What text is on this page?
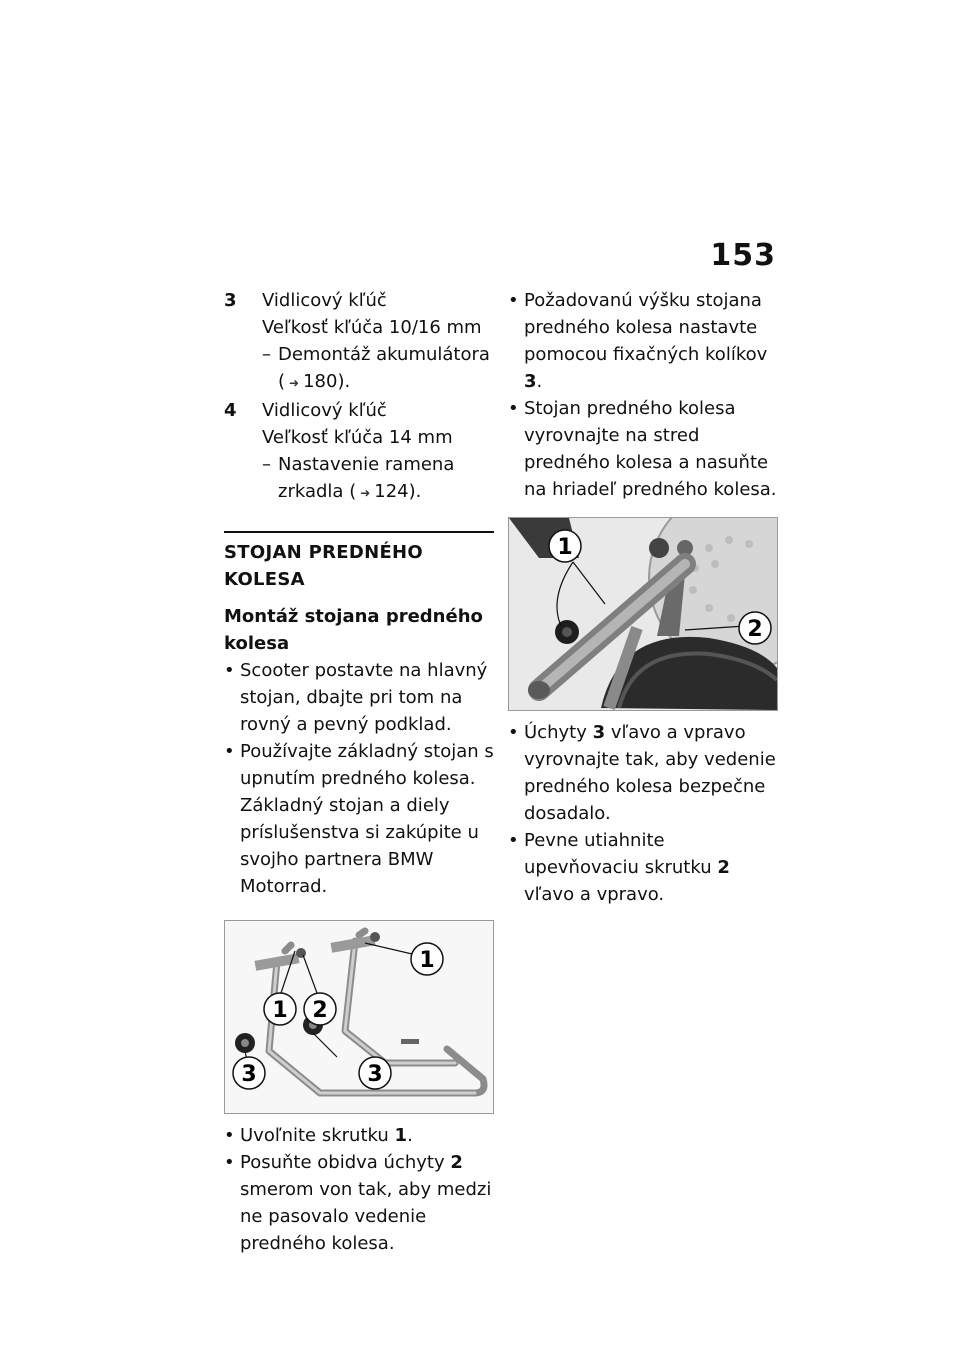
153
3	Vidlicový kľúč
Veľkosť kľúča 10/16 mm
– Demontáž akumulátora
( ➜ 180).
4	Vidlicový kľúč
Veľkosť kľúča 14 mm
– Nastavenie ramena
zrkadla ( ➜ 124).
STOJAN PREDNÉHO KOLESA
Montáž stojana predného kolesa
• Scooter postavte na hlavný stojan, dbajte pri tom na rovný a pevný podklad.
• Používajte základný stojan s upnutím predného kolesa. Základný stojan a diely príslušenstva si zakúpite u svojho partnera BMW Motorrad.
1
1
2
3	3
• Uvoľnite skrutku 1.
• Posuňte obidva úchyty 2 smerom von tak, aby medzi ne pasovalo vedenie predného kolesa.
• Požadovanú výšku stojana predného kolesa nastavte pomocou fixačných kolíkov 3.
• Stojan predného kolesa vyrovnajte na stred predného kolesa a nasuňte na hriadeľ predného kolesa.
1
2
• Úchyty 3 vľavo a vpravo vyrovnajte tak, aby vedenie predného kolesa bezpečne dosadalo.
• Pevne utiahnite upevňovaciu skrutku 2 vľavo a vpravo.
